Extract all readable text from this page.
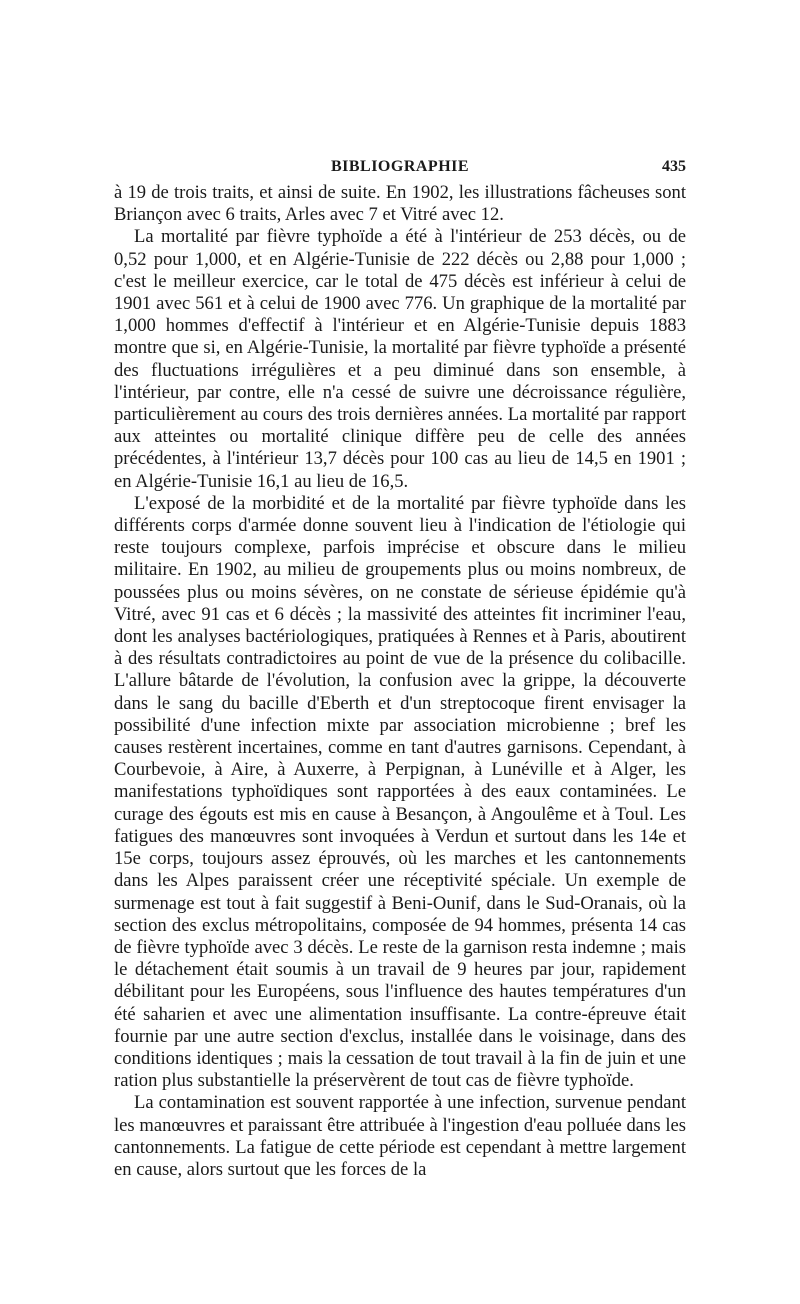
BIBLIOGRAPHIE	435

à 19 de trois traits, et ainsi de suite. En 1902, les illustrations fâcheuses sont Briançon avec 6 traits, Arles avec 7 et Vitré avec 12.

La mortalité par fièvre typhoïde a été à l'intérieur de 253 décès, ou de 0,52 pour 1,000, et en Algérie-Tunisie de 222 décès ou 2,88 pour 1,000 ; c'est le meilleur exercice, car le total de 475 décès est inférieur à celui de 1901 avec 561 et à celui de 1900 avec 776. Un graphique de la mortalité par 1,000 hommes d'effectif à l'intérieur et en Algérie-Tunisie depuis 1883 montre que si, en Algérie-Tunisie, la mortalité par fièvre typhoïde a présenté des fluctuations irrégulières et a peu diminué dans son ensemble, à l'intérieur, par contre, elle n'a cessé de suivre une décroissance régulière, particulièrement au cours des trois dernières années. La mortalité par rapport aux atteintes ou mortalité clinique diffère peu de celle des années précédentes, à l'intérieur 13,7 décès pour 100 cas au lieu de 14,5 en 1901 ; en Algérie-Tunisie 16,1 au lieu de 16,5.

L'exposé de la morbidité et de la mortalité par fièvre typhoïde dans les différents corps d'armée donne souvent lieu à l'indication de l'étiologie qui reste toujours complexe, parfois imprécise et obscure dans le milieu militaire. En 1902, au milieu de groupements plus ou moins nombreux, de poussées plus ou moins sévères, on ne constate de sérieuse épidémie qu'à Vitré, avec 91 cas et 6 décès ; la massivité des atteintes fit incriminer l'eau, dont les analyses bactériologiques, pratiquées à Rennes et à Paris, aboutirent à des résultats contradictoires au point de vue de la présence du colibacille. L'allure bâtarde de l'évolution, la confusion avec la grippe, la découverte dans le sang du bacille d'Eberth et d'un streptocoque firent envisager la possibilité d'une infection mixte par association microbienne ; bref les causes restèrent incertaines, comme en tant d'autres garnisons. Cependant, à Courbevoie, à Aire, à Auxerre, à Perpignan, à Lunéville et à Alger, les manifestations typhoïdiques sont rapportées à des eaux contaminées. Le curage des égouts est mis en cause à Besançon, à Angoulême et à Toul. Les fatigues des manœuvres sont invoquées à Verdun et surtout dans les 14e et 15e corps, toujours assez éprouvés, où les marches et les cantonnements dans les Alpes paraissent créer une réceptivité spéciale. Un exemple de surmenage est tout à fait suggestif à Beni-Ounif, dans le Sud-Oranais, où la section des exclus métropolitains, composée de 94 hommes, présenta 14 cas de fièvre typhoïde avec 3 décès. Le reste de la garnison resta indemne ; mais le détachement était soumis à un travail de 9 heures par jour, rapidement débilitant pour les Européens, sous l'influence des hautes températures d'un été saharien et avec une alimentation insuffisante. La contre-épreuve était fournie par une autre section d'exclus, installée dans le voisinage, dans des conditions identiques ; mais la cessation de tout travail à la fin de juin et une ration plus substantielle la préservèrent de tout cas de fièvre typhoïde.

La contamination est souvent rapportée à une infection, survenue pendant les manœuvres et paraissant être attribuée à l'ingestion d'eau polluée dans les cantonnements. La fatigue de cette période est cependant à mettre largement en cause, alors surtout que les forces de la
